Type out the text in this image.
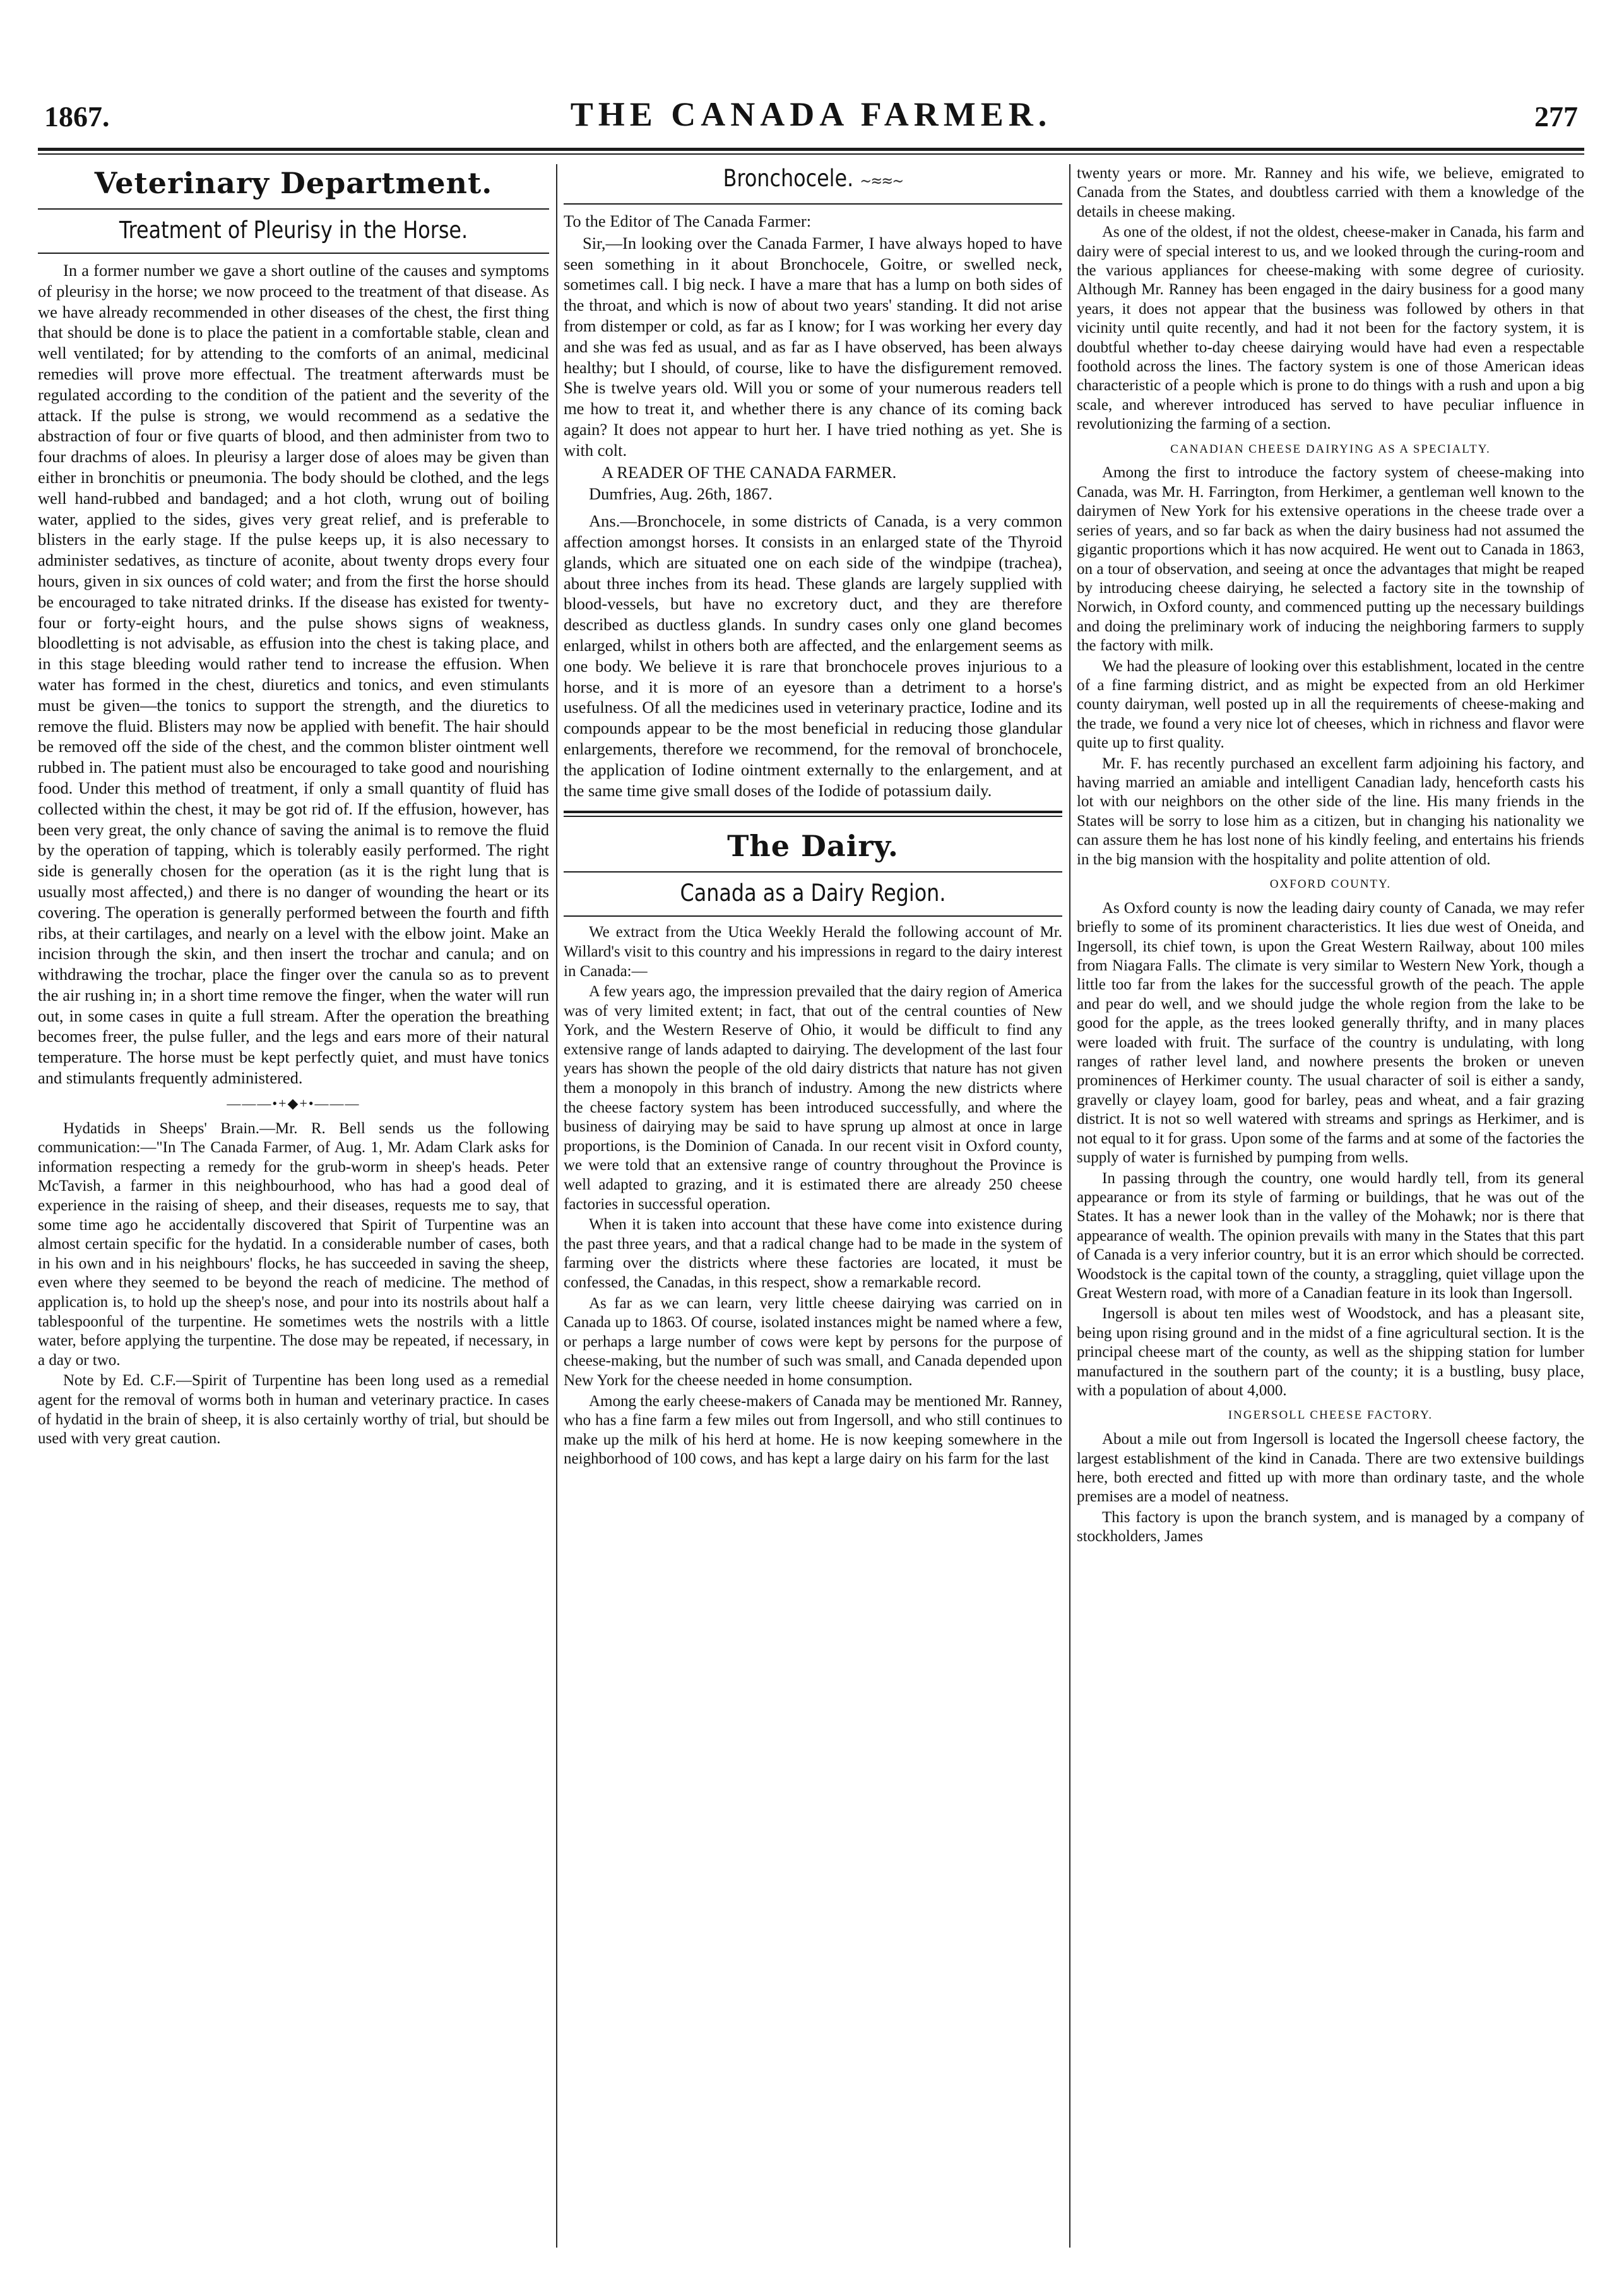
1867.	THE CANADA FARMER.	277
Veterinary Department.
Treatment of Pleurisy in the Horse.

In a former number we gave a short outline of the causes and symptoms of pleurisy in the horse; we now proceed to the treatment of that disease. As we have already recommended in other diseases of the chest, the first thing that should be done is to place the patient in a comfortable stable, clean and well ventilated; for by attending to the comforts of an animal, medicinal remedies will prove more effectual. The treatment afterwards must be regulated according to the condition of the patient and the severity of the attack. If the pulse is strong, we would recommend as a sedative the abstraction of four or five quarts of blood, and then administer from two to four drachms of aloes. In pleurisy a larger dose of aloes may be given than either in bronchitis or pneumonia. The body should be clothed, and the legs well hand-rubbed and bandaged; and a hot cloth, wrung out of boiling water, applied to the sides, gives very great relief, and is preferable to blisters in the early stage. If the pulse keeps up, it is also necessary to administer sedatives, as tincture of aconite, about twenty drops every four hours, given in six ounces of cold water; and from the first the horse should be encouraged to take nitrated drinks. If the disease has existed for twenty-four or forty-eight hours, and the pulse shows signs of weakness, bloodletting is not advisable, as effusion into the chest is taking place, and in this stage bleeding would rather tend to increase the effusion. When water has formed in the chest, diuretics and tonics, and even stimulants must be given—the tonics to support the strength, and the diuretics to remove the fluid. Blisters may now be applied with benefit. The hair should be removed off the side of the chest, and the common blister ointment well rubbed in. The patient must also be encouraged to take good and nourishing food. Under this method of treatment, if only a small quantity of fluid has collected within the chest, it may be got rid of. If the effusion, however, has been very great, the only chance of saving the animal is to remove the fluid by the operation of tapping, which is tolerably easily performed. The right side is generally chosen for the operation (as it is the right lung that is usually most affected,) and there is no danger of wounding the heart or its covering. The operation is generally performed between the fourth and fifth ribs, at their cartilages, and nearly on a level with the elbow joint. Make an incision through the skin, and then insert the trochar and canula; and on withdrawing the trochar, place the finger over the canula so as to prevent the air rushing in; in a short time remove the finger, when the water will run out, in some cases in quite a full stream. After the operation the breathing becomes freer, the pulse fuller, and the legs and ears more of their natural temperature. The horse must be kept perfectly quiet, and must have tonics and stimulants frequently administered.

———•+◆+•———

Hydatids in Sheeps' Brain.—Mr. R. Bell sends us the following communication:—"In The Canada Farmer, of Aug. 1, Mr. Adam Clark asks for information respecting a remedy for the grub-worm in sheep's heads. Peter McTavish, a farmer in this neighbourhood, who has had a good deal of experience in the raising of sheep, and their diseases, requests me to say, that some time ago he accidentally discovered that Spirit of Turpentine was an almost certain specific for the hydatid. In a considerable number of cases, both in his own and in his neighbours' flocks, he has succeeded in saving the sheep, even where they seemed to be beyond the reach of medicine. The method of application is, to hold up the sheep's nose, and pour into its nostrils about half a tablespoonful of the turpentine. He sometimes wets the nostrils with a little water, before applying the turpentine. The dose may be repeated, if necessary, in a day or two.

Note by Ed. C.F.—Spirit of Turpentine has been long used as a remedial agent for the removal of worms both in human and veterinary practice. In cases of hydatid in the brain of sheep, it is also certainly worthy of trial, but should be used with very great caution.

Bronchocele. ~≈≈~

To the Editor of The Canada Farmer:

Sir,—In looking over the Canada Farmer, I have always hoped to have seen something in it about Bronchocele, Goitre, or swelled neck, sometimes call. I big neck. I have a mare that has a lump on both sides of the throat, and which is now of about two years' standing. It did not arise from distemper or cold, as far as I know; for I was working her every day and she was fed as usual, and as far as I have observed, has been always healthy; but I should, of course, like to have the disfigurement removed. She is twelve years old. Will you or some of your numerous readers tell me how to treat it, and whether there is any chance of its coming back again? It does not appear to hurt her. I have tried nothing as yet. She is with colt.

A READER OF THE CANADA FARMER.

Dumfries, Aug. 26th, 1867.

Ans.—Bronchocele, in some districts of Canada, is a very common affection amongst horses. It consists in an enlarged state of the Thyroid glands, which are situated one on each side of the windpipe (trachea), about three inches from its head. These glands are largely supplied with blood-vessels, but have no excretory duct, and they are therefore described as ductless glands. In sundry cases only one gland becomes enlarged, whilst in others both are affected, and the enlargement seems as one body. We believe it is rare that bronchocele proves injurious to a horse, and it is more of an eyesore than a detriment to a horse's usefulness. Of all the medicines used in veterinary practice, Iodine and its compounds appear to be the most beneficial in reducing those glandular enlargements, therefore we recommend, for the removal of bronchocele, the application of Iodine ointment externally to the enlargement, and at the same time give small doses of the Iodide of potassium daily.

The Dairy.
Canada as a Dairy Region.

We extract from the Utica Weekly Herald the following account of Mr. Willard's visit to this country and his impressions in regard to the dairy interest in Canada:—

A few years ago, the impression prevailed that the dairy region of America was of very limited extent; in fact, that out of the central counties of New York, and the Western Reserve of Ohio, it would be difficult to find any extensive range of lands adapted to dairying. The development of the last four years has shown the people of the old dairy districts that nature has not given them a monopoly in this branch of industry. Among the new districts where the cheese factory system has been introduced successfully, and where the business of dairying may be said to have sprung up almost at once in large proportions, is the Dominion of Canada. In our recent visit in Oxford county, we were told that an extensive range of country throughout the Province is well adapted to grazing, and it is estimated there are already 250 cheese factories in successful operation.

When it is taken into account that these have come into existence during the past three years, and that a radical change had to be made in the system of farming over the districts where these factories are located, it must be confessed, the Canadas, in this respect, show a remarkable record.

As far as we can learn, very little cheese dairying was carried on in Canada up to 1863. Of course, isolated instances might be named where a few, or perhaps a large number of cows were kept by persons for the purpose of cheese-making, but the number of such was small, and Canada depended upon New York for the cheese needed in home consumption.

Among the early cheese-makers of Canada may be mentioned Mr. Ranney, who has a fine farm a few miles out from Ingersoll, and who still continues to make up the milk of his herd at home. He is now keeping somewhere in the neighborhood of 100 cows, and has kept a large dairy on his farm for the last

twenty years or more. Mr. Ranney and his wife, we believe, emigrated to Canada from the States, and doubtless carried with them a knowledge of the details in cheese making.

As one of the oldest, if not the oldest, cheese-maker in Canada, his farm and dairy were of special interest to us, and we looked through the curing-room and the various appliances for cheese-making with some degree of curiosity. Although Mr. Ranney has been engaged in the dairy business for a good many years, it does not appear that the business was followed by others in that vicinity until quite recently, and had it not been for the factory system, it is doubtful whether to-day cheese dairying would have had even a respectable foothold across the lines. The factory system is one of those American ideas characteristic of a people which is prone to do things with a rush and upon a big scale, and wherever introduced has served to have peculiar influence in revolutionizing the farming of a section.

CANADIAN CHEESE DAIRYING AS A SPECIALTY.

Among the first to introduce the factory system of cheese-making into Canada, was Mr. H. Farrington, from Herkimer, a gentleman well known to the dairymen of New York for his extensive operations in the cheese trade over a series of years, and so far back as when the dairy business had not assumed the gigantic proportions which it has now acquired. He went out to Canada in 1863, on a tour of observation, and seeing at once the advantages that might be reaped by introducing cheese dairying, he selected a factory site in the township of Norwich, in Oxford county, and commenced putting up the necessary buildings and doing the preliminary work of inducing the neighboring farmers to supply the factory with milk.

We had the pleasure of looking over this establishment, located in the centre of a fine farming district, and as might be expected from an old Herkimer county dairyman, well posted up in all the requirements of cheese-making and the trade, we found a very nice lot of cheeses, which in richness and flavor were quite up to first quality.

Mr. F. has recently purchased an excellent farm adjoining his factory, and having married an amiable and intelligent Canadian lady, henceforth casts his lot with our neighbors on the other side of the line. His many friends in the States will be sorry to lose him as a citizen, but in changing his nationality we can assure them he has lost none of his kindly feeling, and entertains his friends in the big mansion with the hospitality and polite attention of old.

OXFORD COUNTY.

As Oxford county is now the leading dairy county of Canada, we may refer briefly to some of its prominent characteristics. It lies due west of Oneida, and Ingersoll, its chief town, is upon the Great Western Railway, about 100 miles from Niagara Falls. The climate is very similar to Western New York, though a little too far from the lakes for the successful growth of the peach. The apple and pear do well, and we should judge the whole region from the lake to be good for the apple, as the trees looked generally thrifty, and in many places were loaded with fruit. The surface of the country is undulating, with long ranges of rather level land, and nowhere presents the broken or uneven prominences of Herkimer county. The usual character of soil is either a sandy, gravelly or clayey loam, good for barley, peas and wheat, and a fair grazing district. It is not so well watered with streams and springs as Herkimer, and is not equal to it for grass. Upon some of the farms and at some of the factories the supply of water is furnished by pumping from wells.

In passing through the country, one would hardly tell, from its general appearance or from its style of farming or buildings, that he was out of the States. It has a newer look than in the valley of the Mohawk; nor is there that appearance of wealth. The opinion prevails with many in the States that this part of Canada is a very inferior country, but it is an error which should be corrected. Woodstock is the capital town of the county, a straggling, quiet village upon the Great Western road, with more of a Canadian feature in its look than Ingersoll.

Ingersoll is about ten miles west of Woodstock, and has a pleasant site, being upon rising ground and in the midst of a fine agricultural section. It is the principal cheese mart of the county, as well as the shipping station for lumber manufactured in the southern part of the county; it is a bustling, busy place, with a population of about 4,000.

INGERSOLL CHEESE FACTORY.

About a mile out from Ingersoll is located the Ingersoll cheese factory, the largest establishment of the kind in Canada. There are two extensive buildings here, both erected and fitted up with more than ordinary taste, and the whole premises are a model of neatness.

This factory is upon the branch system, and is managed by a company of stockholders, James
